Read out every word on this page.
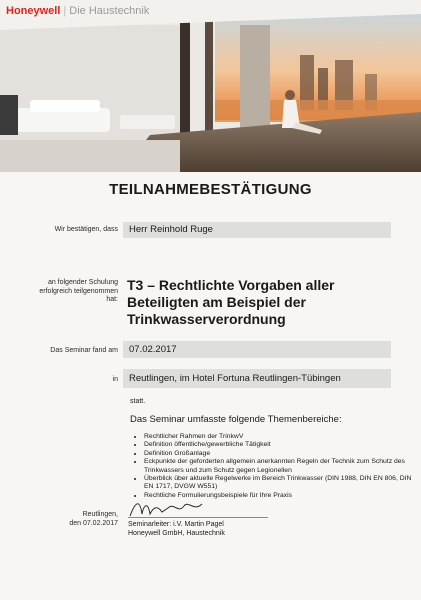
Honeywell | Die Haustechnik
TEILNAHMEBESTÄTIGUNG
Wir bestätigen, dass	Herr Reinhold Ruge
an folgender Schulung
erfolgreich teilgenommen
hat:
T3 – Rechtlichte Vorgaben aller
Beteiligten am Beispiel der
Trinkwasserverordnung
Das Seminar fand am	07.02.2017
in	Reutlingen, im Hotel Fortuna Reutlingen-Tübingen
statt.
Das Seminar umfasste folgende Themenbereiche:
• Rechtlicher Rahmen der TrinkwV
• Definition öffentliche/gewerbliche Tätigkeit
• Definition Großanlage
• Eckpunkte der geforderten allgemein anerkannten Regeln der Technik zum Schutz des Trinkwassers und zum Schutz gegen Legionellen
• Überblick über aktuelle Regelwerke im Bereich Trinkwasser (DIN 1988, DIN EN 806, DIN EN 1717, DVGW W551)
• Rechtliche Formulierungsbeispiele für Ihre Praxis
Reutlingen,
den 07.02.2017 Seminarleiter: i.V. Martin Pagel
Honeywell GmbH, Haustechnik
